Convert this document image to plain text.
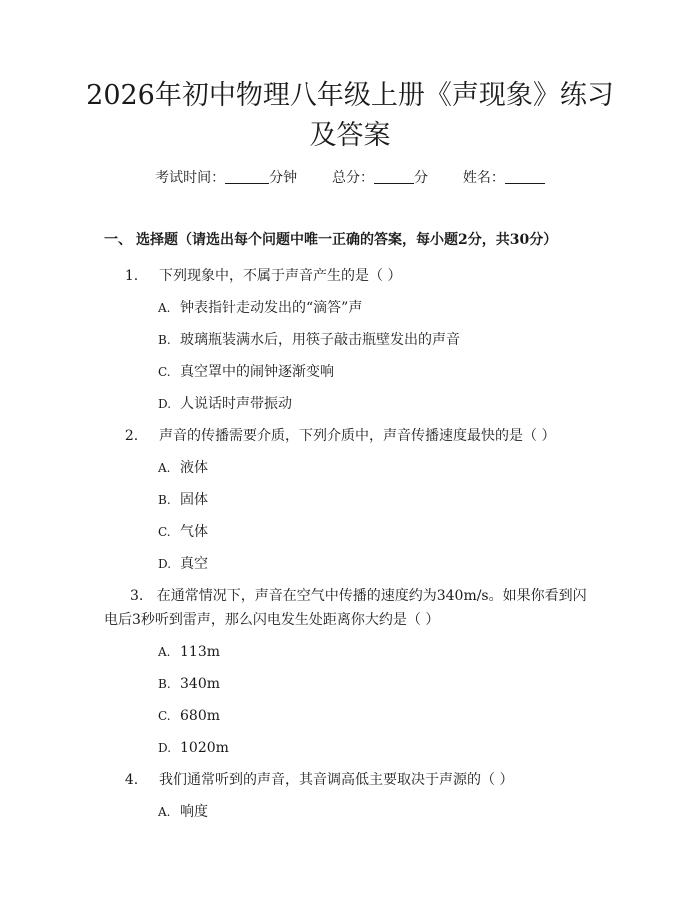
2026年初中物理八年级上册《声现象》练习
及答案
考试时间：	分钟 总分：	分 姓名：
一、 选择题（请选出每个问题中唯一正确的答案，每小题2分，共30分）
1. 下列现象中，不属于声音产生的是（ ）
A. 钟表指针走动发出的“滴答”声
B. 玻璃瓶装满水后，用筷子敲击瓶壁发出的声音
C. 真空罩中的闹钟逐渐变响
D. 人说话时声带振动
2. 声音的传播需要介质，下列介质中，声音传播速度最快的是（ ）
A. 液体
B. 固体
C. 气体
D. 真空
3. 在通常情况下，声音在空气中传播的速度约为340m/s。如果你看到闪电后3秒听到雷声，那么闪电发生处距离你大约是（ ）
A. 113m
B. 340m
C. 680m
D. 1020m
4. 我们通常听到的声音，其音调高低主要取决于声源的（ ）
A. 响度
